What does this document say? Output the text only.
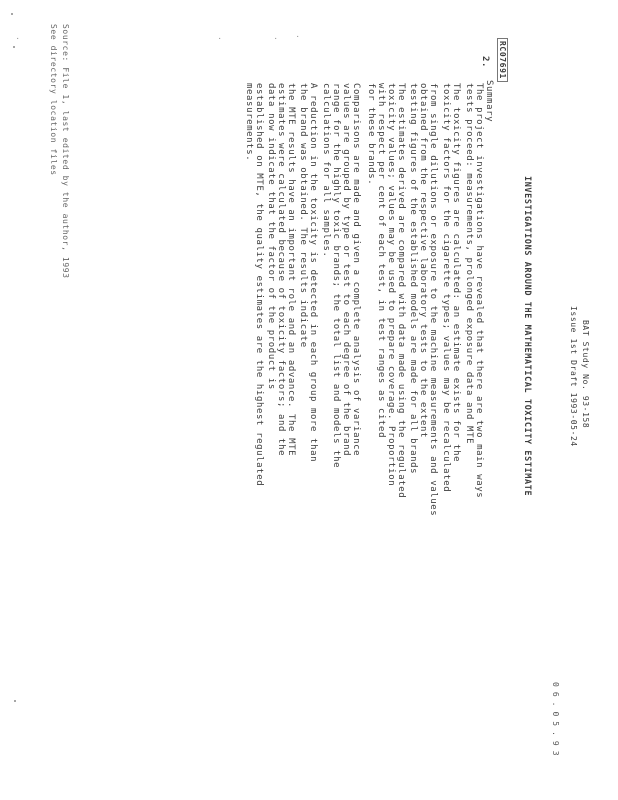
RC07691
BAT Study No. 93-158
Issue 1st Draft 1993-05-24
INVESTIGATIONS AROUND THE MATHEMATICAL TOXICITY ESTIMATE
06.05.93
2.
Summary
The project investigations have revealed that there are two main ways
tests proceed: measurements, prolonged exposure data and MTE
The toxicity figures are calculated: an estimate exists for the
toxicity factors for the cigarette types; values may be recalculated
from single dilutions or exposure to the machine measurements and values
obtained from the respective laboratory tests to the extent
testing figures of the established models are made for all brands
The estimates derived are compared with data made using the regulated
toxicity values; values may be used to prepare coverage. Proportion
with respect per cent of each test, in test ranges as cited
for these brands.
Comparisons are made and given a complete analysis of variance
values are grouped by type or test to each degree of the brand
range for the highly toxic brands; the total list and models the
calculations for all samples.
A reduction in the toxicity is detected in each group more than
the brand was obtained. The results indicate
the MTE results have an important role and an advance. The MTE
estimates were calculated because of toxicity factors; and the
data now indicate that the factor of the product is
established on MTE, the quality estimates are the highest regulated
measurements.
Source: File 1, last edited by the author, 1993
See directory location files	·
·
·
·
